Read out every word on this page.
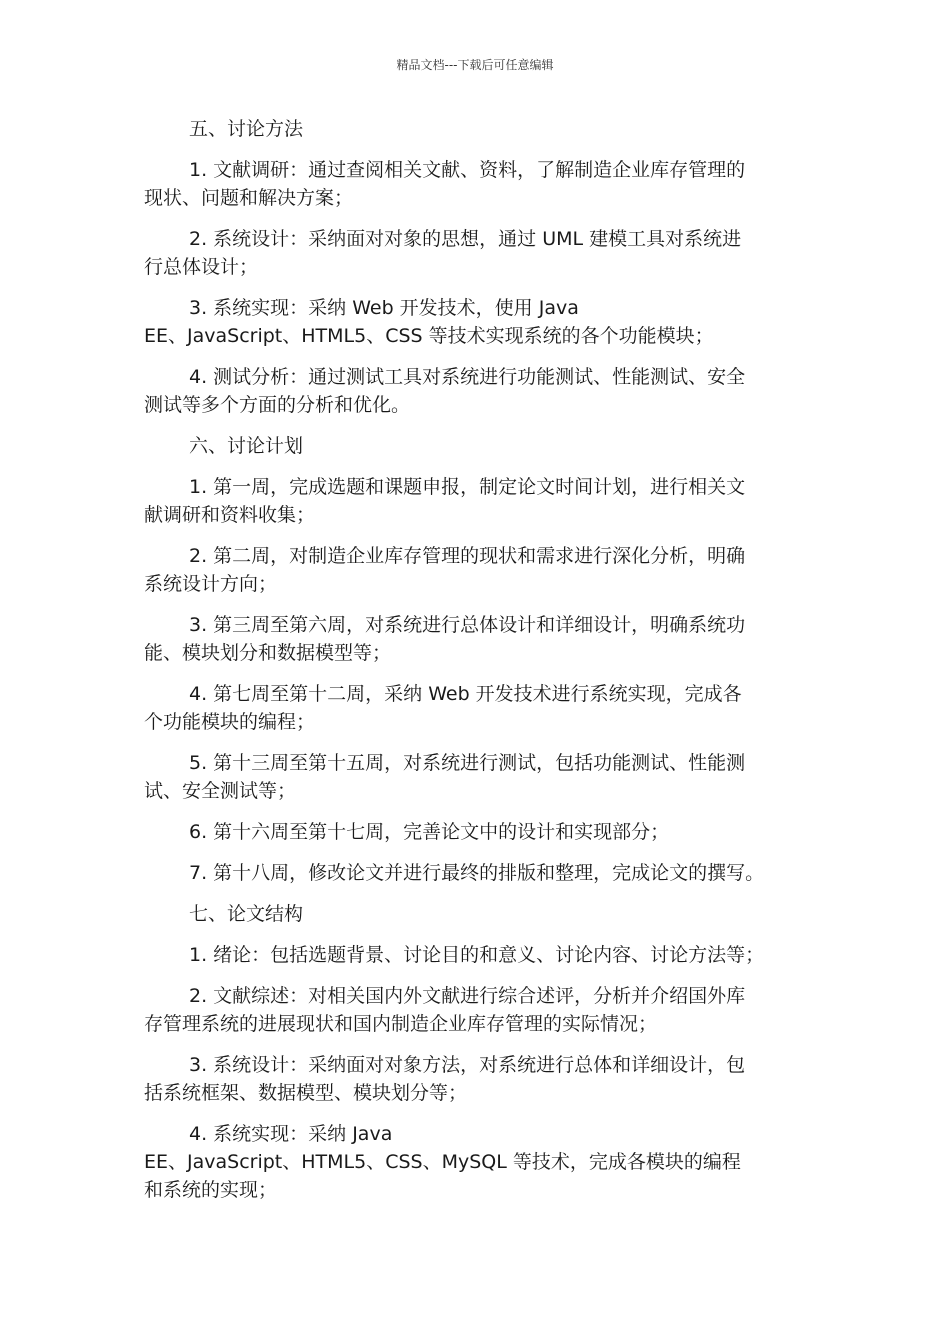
精品文档---下载后可任意编辑
五、讨论方法
1. 文献调研：通过查阅相关文献、资料，了解制造企业库存管理的
现状、问题和解决方案；
2. 系统设计：采纳面对对象的思想，通过 UML 建模工具对系统进
行总体设计；
3. 系统实现：采纳 Web 开发技术，使用 Java
EE、JavaScript、HTML5、CSS 等技术实现系统的各个功能模块；
4. 测试分析：通过测试工具对系统进行功能测试、性能测试、安全
测试等多个方面的分析和优化。
六、讨论计划
1. 第一周，完成选题和课题申报，制定论文时间计划，进行相关文
献调研和资料收集；
2. 第二周，对制造企业库存管理的现状和需求进行深化分析，明确
系统设计方向；
3. 第三周至第六周，对系统进行总体设计和详细设计，明确系统功
能、模块划分和数据模型等；
4. 第七周至第十二周，采纳 Web 开发技术进行系统实现，完成各
个功能模块的编程；
5. 第十三周至第十五周，对系统进行测试，包括功能测试、性能测
试、安全测试等；
6. 第十六周至第十七周，完善论文中的设计和实现部分；
7. 第十八周，修改论文并进行最终的排版和整理，完成论文的撰写。
七、论文结构
1. 绪论：包括选题背景、讨论目的和意义、讨论内容、讨论方法等；
2. 文献综述：对相关国内外文献进行综合述评，分析并介绍国外库
存管理系统的进展现状和国内制造企业库存管理的实际情况；
3. 系统设计：采纳面对对象方法，对系统进行总体和详细设计，包
括系统框架、数据模型、模块划分等；
4. 系统实现：采纳 Java
EE、JavaScript、HTML5、CSS、MySQL 等技术，完成各模块的编程
和系统的实现；
